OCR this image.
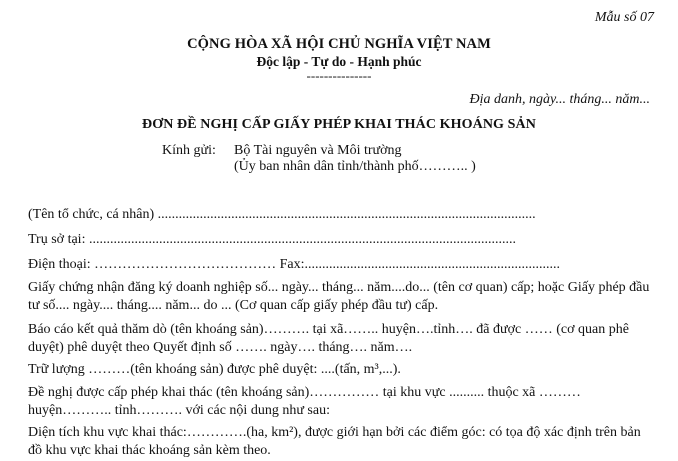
Mẫu số 07
CỘNG HÒA XÃ HỘI CHỦ NGHĨA VIỆT NAM
Độc lập - Tự do - Hạnh phúc
---------------
Địa danh, ngày... tháng... năm...
ĐƠN ĐỀ NGHỊ CẤP GIẤY PHÉP KHAI THÁC KHOÁNG SẢN
Kính gửi: Bộ Tài nguyên và Môi trường
(Ủy ban nhân dân tỉnh/thành phố……….. )
(Tên tổ chức, cá nhân) ............................................................................................................
Trụ sở tại: ..........................................................................................................................
Điện thoại: ………………………………… Fax:.........................................................................
Giấy chứng nhận đăng ký doanh nghiệp số... ngày... tháng... năm....do... (tên cơ quan) cấp; hoặc Giấy phép đầu tư số.... ngày.... tháng.... năm... do ... (Cơ quan cấp giấy phép đầu tư) cấp.
Báo cáo kết quả thăm dò (tên khoáng sản)………. tại xã…….. huyện….tỉnh…. đã được …… (cơ quan phê duyệt) phê duyệt theo Quyết định số ……. ngày…. tháng…. năm….
Trữ lượng ………(tên khoáng sản) được phê duyệt: ....(tấn, m³,...).
Đề nghị được cấp phép khai thác (tên khoáng sản)…………… tại khu vực .......... thuộc xã ……… huyện……….. tỉnh………. với các nội dung như sau:
Diện tích khu vực khai thác:………….(ha, km²), được giới hạn bởi các điểm góc: có tọa độ xác định trên bản đồ khu vực khai thác khoáng sản kèm theo.
